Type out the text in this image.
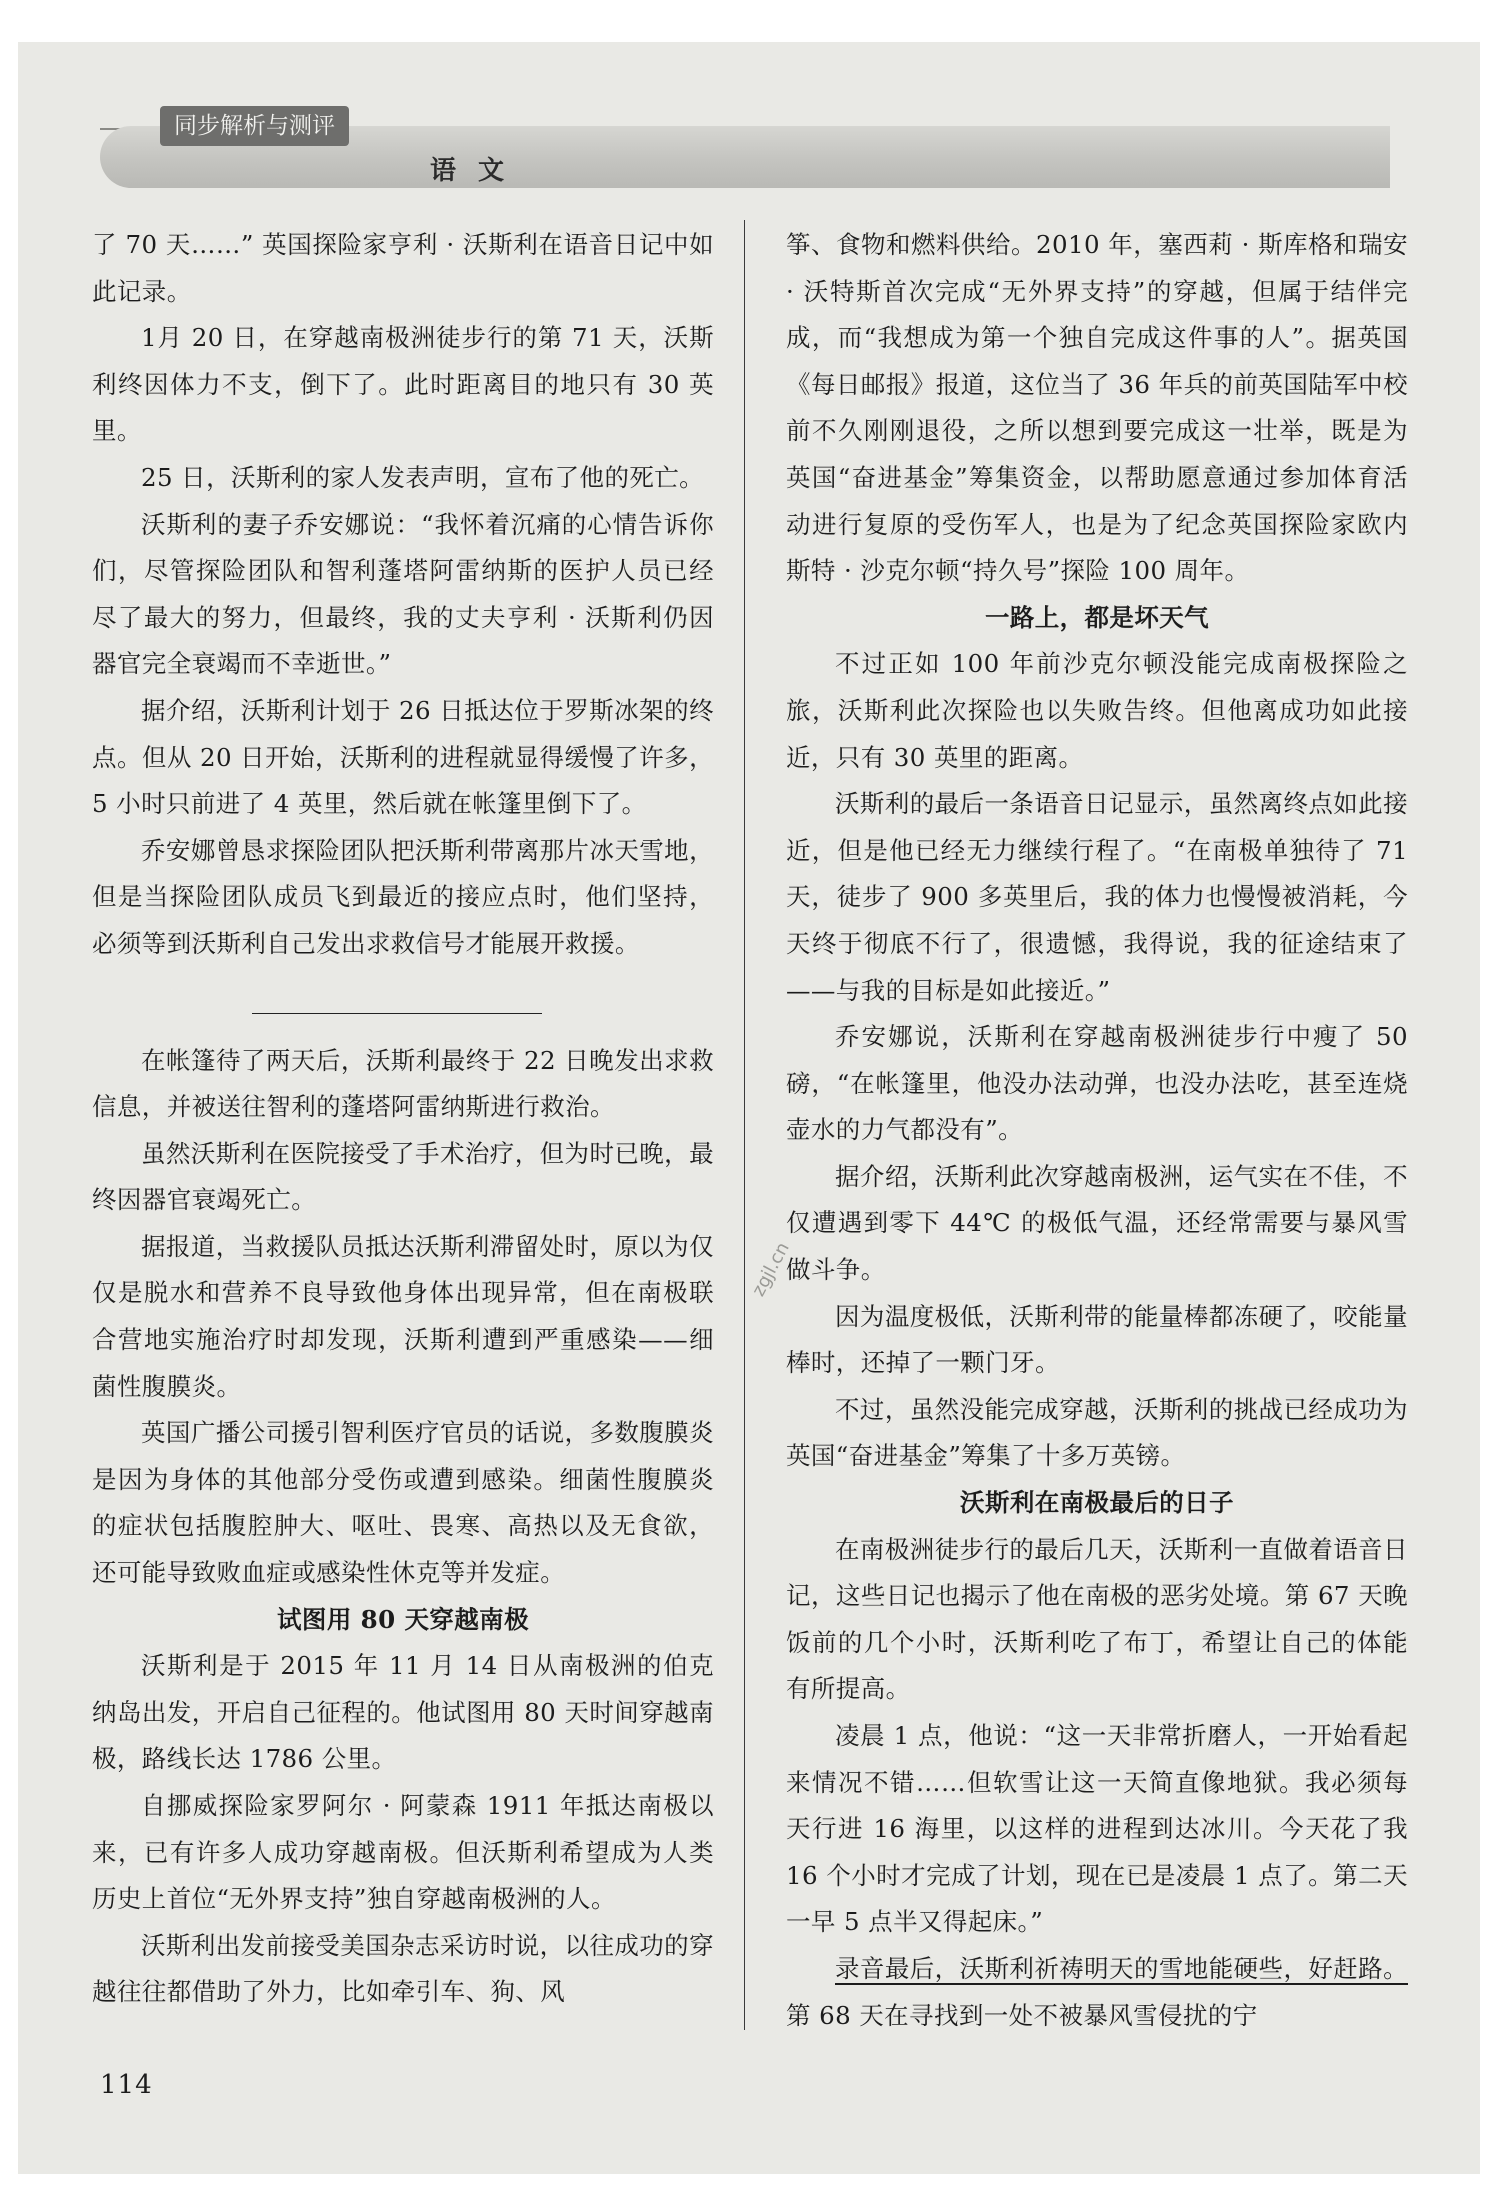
同步解析与测评
语文

了 70 天……” 英国探险家亨利 · 沃斯利在语音日记中如此记录。

1月 20 日，在穿越南极洲徒步行的第 71 天，沃斯利终因体力不支，倒下了。此时距离目的地只有 30 英里。

25 日，沃斯利的家人发表声明，宣布了他的死亡。

沃斯利的妻子乔安娜说：“我怀着沉痛的心情告诉你们，尽管探险团队和智利蓬塔阿雷纳斯的医护人员已经尽了最大的努力，但最终，我的丈夫亨利 · 沃斯利仍因器官完全衰竭而不幸逝世。”

据介绍，沃斯利计划于 26 日抵达位于罗斯冰架的终点。但从 20 日开始，沃斯利的进程就显得缓慢了许多，5 小时只前进了 4 英里，然后就在帐篷里倒下了。

乔安娜曾恳求探险团队把沃斯利带离那片冰天雪地，但是当探险团队成员飞到最近的接应点时，他们坚持，必须等到沃斯利自己发出求救信号才能展开救援。

在帐篷待了两天后，沃斯利最终于 22 日晚发出求救信息，并被送往智利的蓬塔阿雷纳斯进行救治。

虽然沃斯利在医院接受了手术治疗，但为时已晚，最终因器官衰竭死亡。

据报道，当救援队员抵达沃斯利滞留处时，原以为仅仅是脱水和营养不良导致他身体出现异常，但在南极联合营地实施治疗时却发现，沃斯利遭到严重感染——细菌性腹膜炎。

英国广播公司援引智利医疗官员的话说，多数腹膜炎是因为身体的其他部分受伤或遭到感染。细菌性腹膜炎的症状包括腹腔肿大、呕吐、畏寒、高热以及无食欲，还可能导致败血症或感染性休克等并发症。

试图用 80 天穿越南极

沃斯利是于 2015 年 11 月 14 日从南极洲的伯克纳岛出发，开启自己征程的。他试图用 80 天时间穿越南极，路线长达 1786 公里。

自挪威探险家罗阿尔 · 阿蒙森 1911 年抵达南极以来，已有许多人成功穿越南极。但沃斯利希望成为人类历史上首位“无外界支持”独自穿越南极洲的人。

沃斯利出发前接受美国杂志采访时说，以往成功的穿越往往都借助了外力，比如牵引车、狗、风

筝、食物和燃料供给。2010 年，塞西莉 · 斯库格和瑞安 · 沃特斯首次完成“无外界支持”的穿越，但属于结伴完成，而“我想成为第一个独自完成这件事的人”。据英国《每日邮报》报道，这位当了 36 年兵的前英国陆军中校前不久刚刚退役，之所以想到要完成这一壮举，既是为英国“奋进基金”筹集资金，以帮助愿意通过参加体育活动进行复原的受伤军人，也是为了纪念英国探险家欧内斯特 · 沙克尔顿“持久号”探险 100 周年。

一路上，都是坏天气

不过正如 100 年前沙克尔顿没能完成南极探险之旅，沃斯利此次探险也以失败告终。但他离成功如此接近，只有 30 英里的距离。

沃斯利的最后一条语音日记显示，虽然离终点如此接近，但是他已经无力继续行程了。“在南极单独待了 71 天，徒步了 900 多英里后，我的体力也慢慢被消耗，今天终于彻底不行了，很遗憾，我得说，我的征途结束了——与我的目标是如此接近。”

乔安娜说，沃斯利在穿越南极洲徒步行中瘦了 50 磅，“在帐篷里，他没办法动弹，也没办法吃，甚至连烧壶水的力气都没有”。

据介绍，沃斯利此次穿越南极洲，运气实在不佳，不仅遭遇到零下 44℃ 的极低气温，还经常需要与暴风雪做斗争。

因为温度极低，沃斯利带的能量棒都冻硬了，咬能量棒时，还掉了一颗门牙。

不过，虽然没能完成穿越，沃斯利的挑战已经成功为英国“奋进基金”筹集了十多万英镑。

沃斯利在南极最后的日子

在南极洲徒步行的最后几天，沃斯利一直做着语音日记，这些日记也揭示了他在南极的恶劣处境。第 67 天晚饭前的几个小时，沃斯利吃了布丁，希望让自己的体能有所提高。

凌晨 1 点，他说：“这一天非常折磨人，一开始看起来情况不错……但软雪让这一天简直像地狱。我必须每天行进 16 海里，以这样的进程到达冰川。今天花了我 16 个小时才完成了计划，现在已是凌晨 1 点了。第二天一早 5 点半又得起床。”

录音最后，沃斯利祈祷明天的雪地能硬些，好赶路。第 68 天在寻找到一处不被暴风雪侵扰的宁

zgjl.cn
114
